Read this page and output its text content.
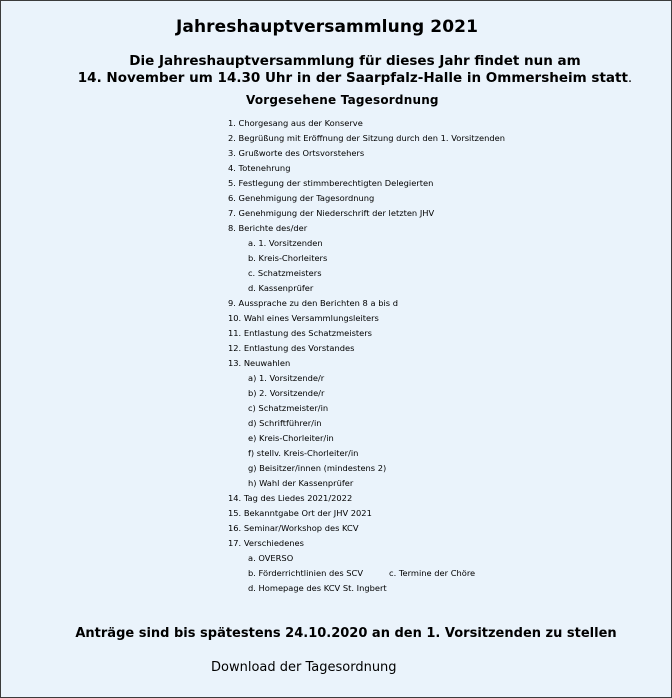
Jahreshauptversammlung 2021
Die Jahreshauptversammlung für dieses Jahr findet nun am
14. November um 14.30 Uhr in der Saarpfalz-Halle in Ommersheim statt.
Vorgesehene Tagesordnung
1. Chorgesang aus der Konserve
2. Begrüßung mit Eröffnung der Sitzung durch den 1. Vorsitzenden
3. Grußworte des Ortsvorstehers
4. Totenehrung
5. Festlegung der stimmberechtigten Delegierten
6. Genehmigung der Tagesordnung
7. Genehmigung der Niederschrift der letzten JHV
8. Berichte des/der
a. 1. Vorsitzenden
b. Kreis-Chorleiters
c. Schatzmeisters
d. Kassenprüfer
9. Aussprache zu den Berichten 8 a bis d
10. Wahl eines Versammlungsleiters
11. Entlastung des Schatzmeisters
12. Entlastung des Vorstandes
13. Neuwahlen
a) 1. Vorsitzende/r
b) 2. Vorsitzende/r
c) Schatzmeister/in
d) Schriftführer/in
e) Kreis-Chorleiter/in
f) stellv. Kreis-Chorleiter/in
g) Beisitzer/innen (mindestens 2)
h) Wahl der Kassenprüfer
14. Tag des Liedes 2021/2022
15. Bekanntgabe Ort der JHV 2021
16. Seminar/Workshop des KCV
17. Verschiedenes
a. OVERSO
b. Förderrichtlinien des SCV	c. Termine der Chöre
d. Homepage des KCV St. Ingbert
Anträge sind bis spätestens 24.10.2020 an den 1. Vorsitzenden zu stellen
Download der Tagesordnung
